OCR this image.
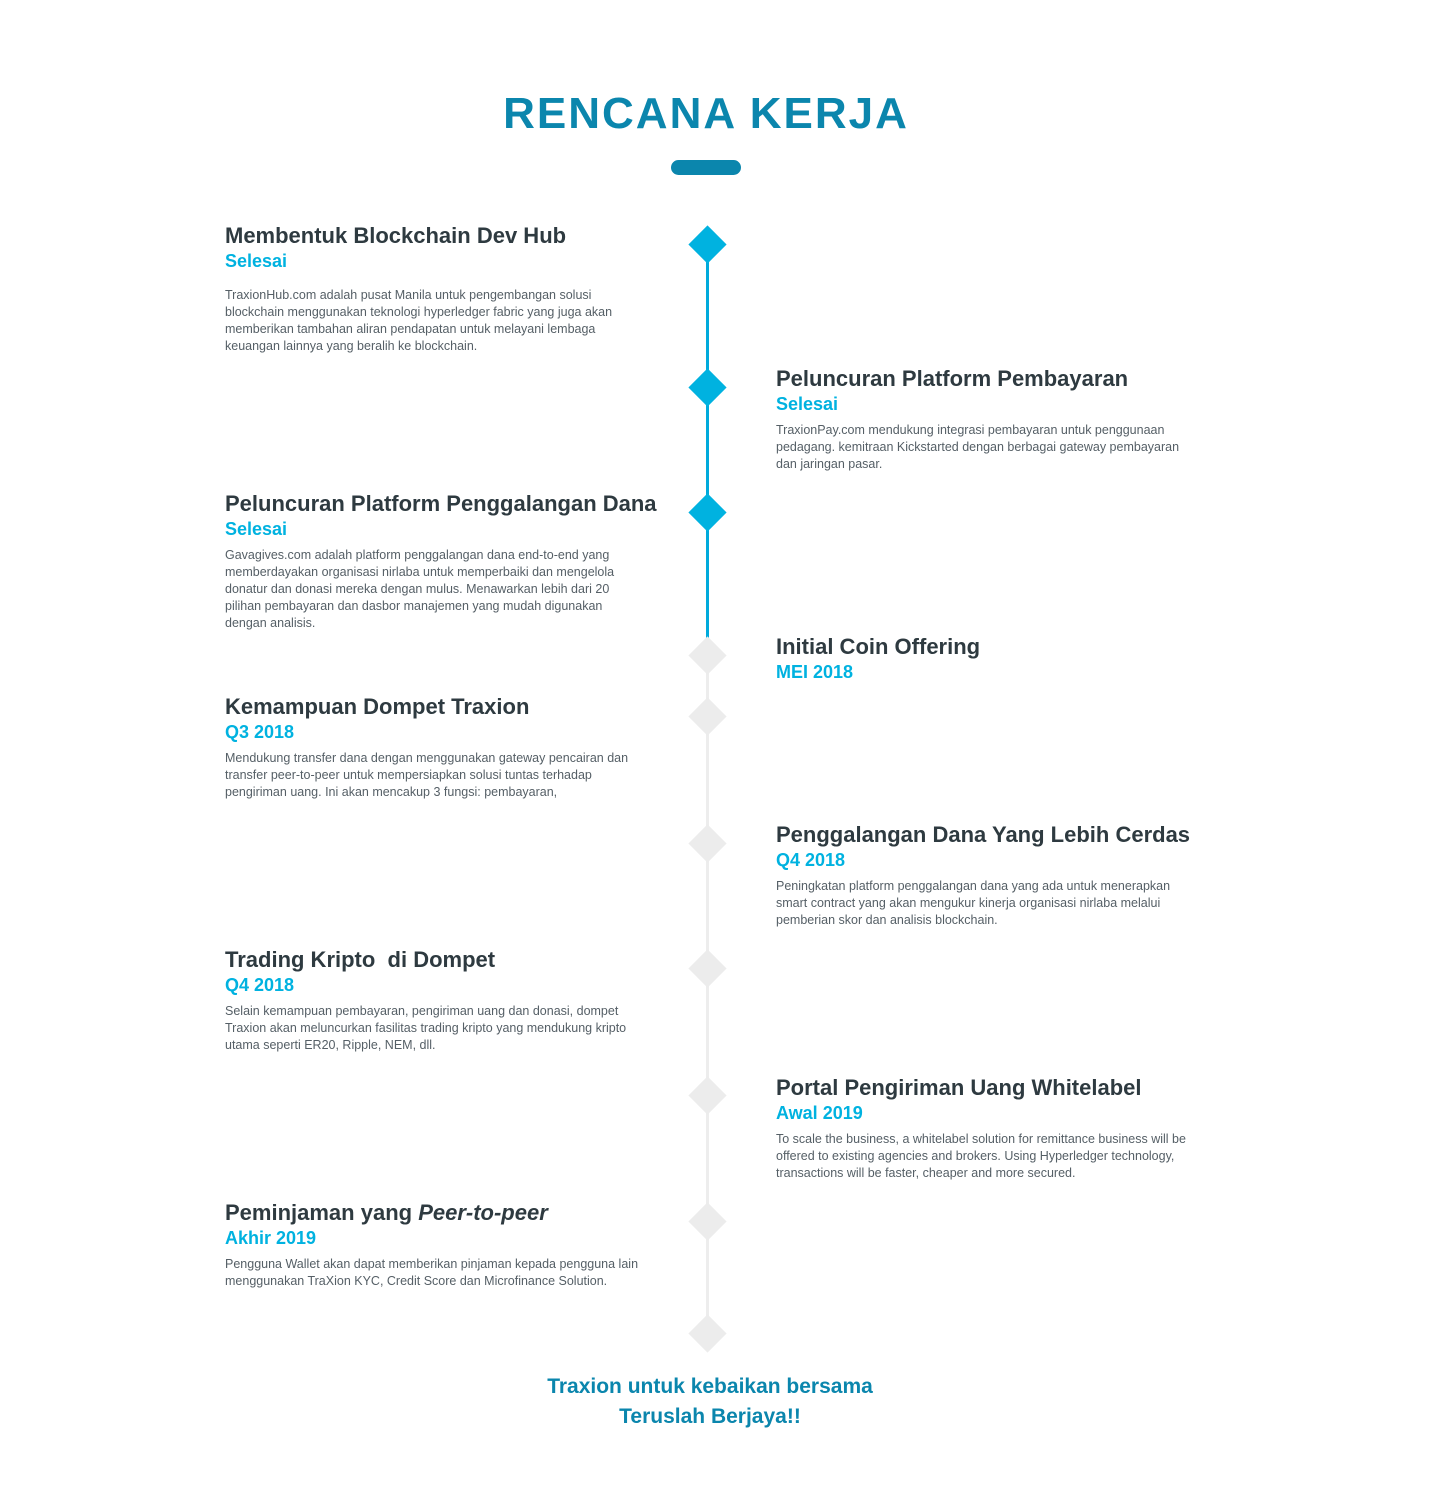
RENCANA KERJA
Membentuk Blockchain Dev Hub

Selesai

TraxionHub.com adalah pusat Manila untuk pengembangan solusi blockchain menggunakan teknologi hyperledger fabric yang juga akan memberikan tambahan aliran pendapatan untuk melayani lembaga keuangan lainnya yang beralih ke blockchain.

Peluncuran Platform Pembayaran

Selesai

TraxionPay.com mendukung integrasi pembayaran untuk penggunaan pedagang. kemitraan Kickstarted dengan berbagai gateway pembayaran dan jaringan pasar.

Peluncuran Platform Penggalangan Dana

Selesai

Gavagives.com adalah platform penggalangan dana end-to-end yang memberdayakan organisasi nirlaba untuk memperbaiki dan mengelola donatur dan donasi mereka dengan mulus. Menawarkan lebih dari 20 pilihan pembayaran dan dasbor manajemen yang mudah digunakan dengan analisis.

Initial Coin Offering

MEI 2018

Kemampuan Dompet Traxion

Q3 2018

Mendukung transfer dana dengan menggunakan gateway pencairan dan transfer peer-to-peer untuk mempersiapkan solusi tuntas terhadap pengiriman uang. Ini akan mencakup 3 fungsi: pembayaran,

Penggalangan Dana Yang Lebih Cerdas

Q4 2018

Peningkatan platform penggalangan dana yang ada untuk menerapkan smart contract yang akan mengukur kinerja organisasi nirlaba melalui pemberian skor dan analisis blockchain.

Trading Kripto  di Dompet

Q4 2018

Selain kemampuan pembayaran, pengiriman uang dan donasi, dompet Traxion akan meluncurkan fasilitas trading kripto yang mendukung kripto utama seperti ER20, Ripple, NEM, dll.

Portal Pengiriman Uang Whitelabel

Awal 2019

To scale the business, a whitelabel solution for remittance business will be offered to existing agencies and brokers. Using Hyperledger technology, transactions will be faster, cheaper and more secured.

Peminjaman yang Peer-to-peer

Akhir 2019

Pengguna Wallet akan dapat memberikan pinjaman kepada pengguna lain menggunakan TraXion KYC, Credit Score dan Microfinance Solution.

Traxion untuk kebaikan bersama
Teruslah Berjaya!!
